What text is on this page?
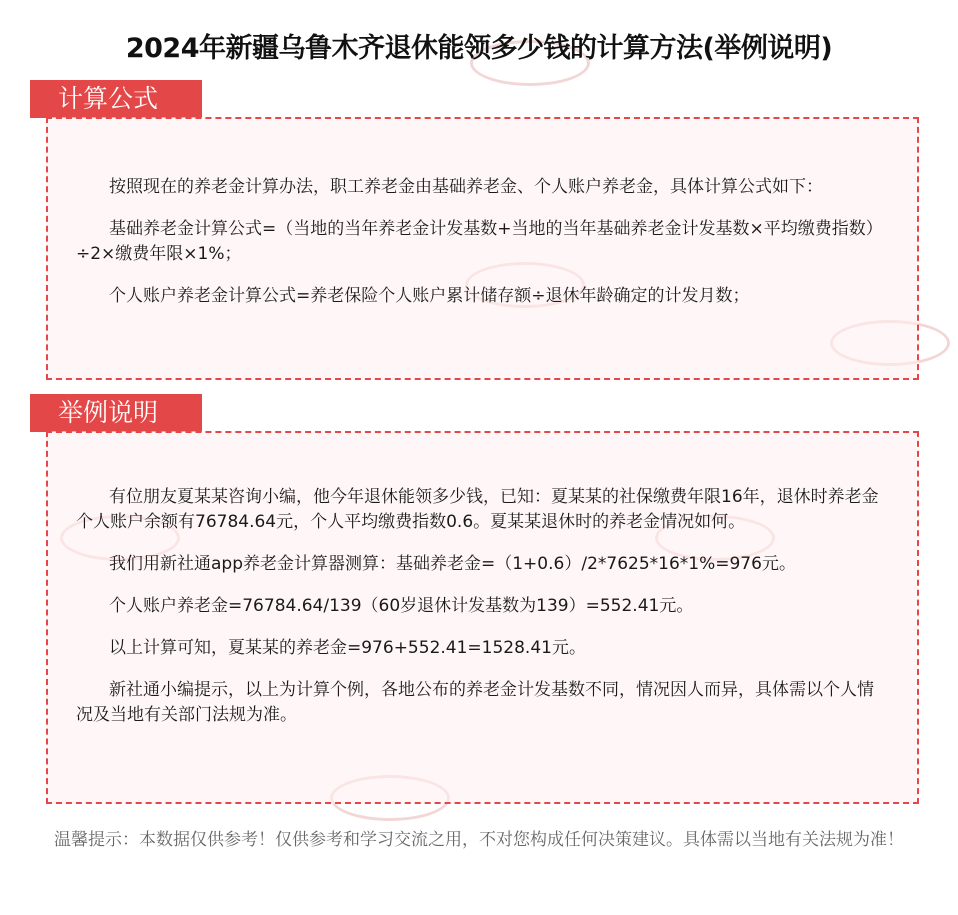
2024年新疆乌鲁木齐退休能领多少钱的计算方法(举例说明)
计算公式

按照现在的养老金计算办法，职工养老金由基础养老金、个人账户养老金，具体计算公式如下：

基础养老金计算公式=（当地的当年养老金计发基数+当地的当年基础养老金计发基数×平均缴费指数）÷2×缴费年限×1%；

个人账户养老金计算公式=养老保险个人账户累计储存额÷退休年龄确定的计发月数；

举例说明

有位朋友夏某某咨询小编，他今年退休能领多少钱，已知：夏某某的社保缴费年限16年，退休时养老金个人账户余额有76784.64元，个人平均缴费指数0.6。夏某某退休时的养老金情况如何。

我们用新社通app养老金计算器测算：基础养老金=（1+0.6）/2*7625*16*1%=976元。

个人账户养老金=76784.64/139（60岁退休计发基数为139）=552.41元。

以上计算可知，夏某某的养老金=976+552.41=1528.41元。

新社通小编提示，以上为计算个例，各地公布的养老金计发基数不同，情况因人而异，具体需以个人情况及当地有关部门法规为准。

温馨提示：本数据仅供参考！仅供参考和学习交流之用，不对您构成任何决策建议。具体需以当地有关法规为准！
